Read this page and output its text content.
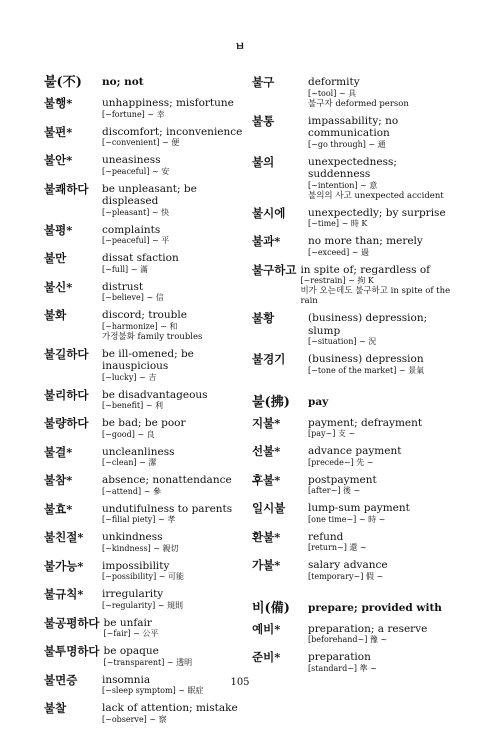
ㅂ
불(不)	no; not
불행*	unhappiness; misfortune
[~fortune] ~ 幸
불편*	discomfort; inconvenience
[~convenient] ~ 便
불안*	uneasiness
[~peaceful] ~ 安
불쾌하다	be unpleasant; be displeased
[~pleasant] ~ 快
불평*	complaints
[~peaceful] ~ 平
불만	dissat sfaction
[~full] ~ 滿
불신*	distrust
[~believe] ~ 信
불화	discord; trouble
[~harmonize] ~ 和
가정불화 family troubles
불길하다	be ill-omened; be inauspicious
[~lucky] ~ 吉
불리하다	be disadvantageous
[~benefit] ~ 利
불량하다	be bad; be poor
[~good] ~ 良
불결*	uncleanliness
[~clean] ~ 潔
불참*	absence; nonattendance
[~attend] ~ 參
불효*	undutifulness to parents
[~filial piety] ~ 孝
불친절*	unkindness
[~kindness] ~ 親切
불가능*	impossibility
[~possibility] ~ 可能
불규칙*	irregularity
[~regularity] ~ 規則
불공평하다 be unfair
[~fair] ~ 公平
불투명하다 be opaque
[~transparent] ~ 透明
불면증	insomnia
[~sleep symptom] ~ 眠症
불찰	lack of attention; mistake
[~observe] ~ 察
불구	deformity
[~tool] ~ 具
불구자 deformed person
불통	impassability; no communication
[~go through] ~ 通
불의	unexpectedness; suddenness
[~intention] ~ 意
불의의 사고 unexpected accident
불시에	unexpectedly; by surprise
[~time] ~ 時 K
불과*	no more than; merely
[~exceed] ~ 過
불구하고 in spite of; regardless of
[~restrain] ~ 拘 K
비가 오는데도 불구하고 in spite of the rain
불황	(business) depression; slump
[~situation] ~ 況
불경기	(business) depression
[~tone of the market] ~ 景氣
불(拂)	pay
지불*	payment; defrayment
[pay~] 支 ~
선불*	advance payment
[precede~] 先 ~
후불*	postpayment
[after~] 後 ~
일시불	lump-sum payment
[one time~] ~ 時 ~
환불*	refund
[return~] 還 ~
가불*	salary advance
[temporary~] 假 ~
비(備)	prepare; provided with
예비*	preparation; a reserve
[beforehand~] 豫 ~
준비*	preparation
[standard~] 準 ~
105
